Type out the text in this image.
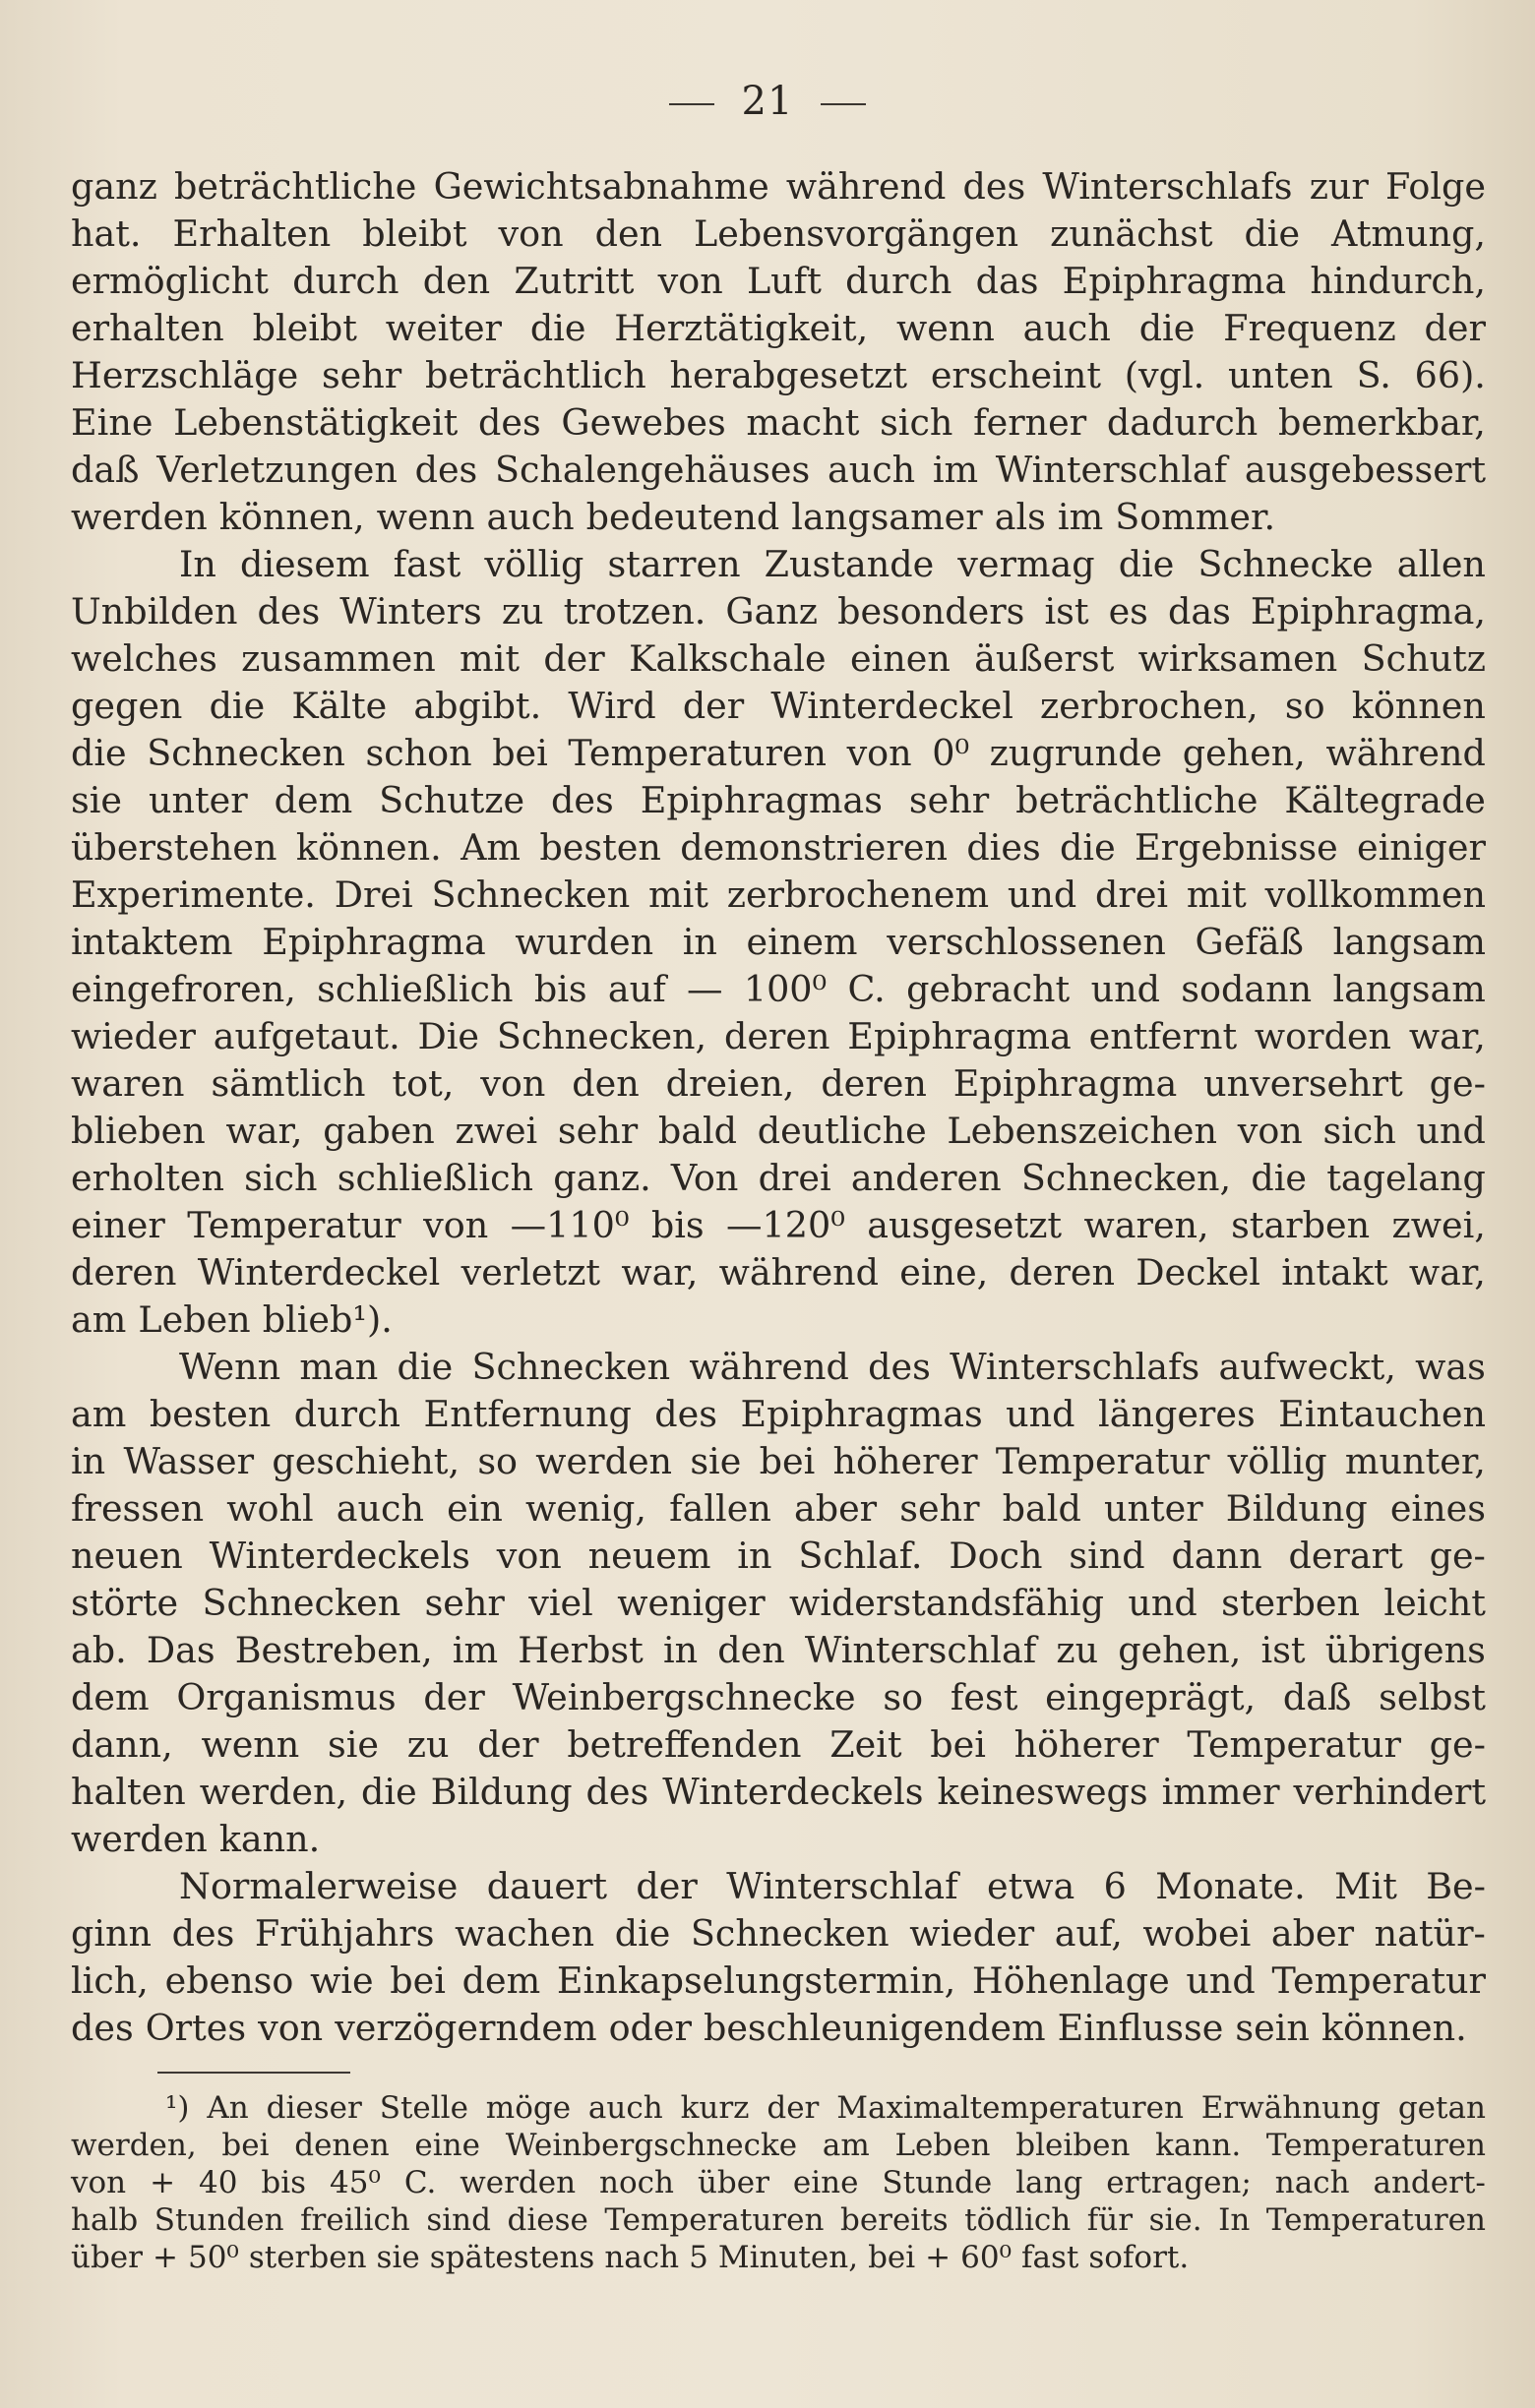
21
ganz beträchtliche Gewichtsabnahme während des Winterschlafs zur Folge
hat. Erhalten bleibt von den Lebensvorgängen zunächst die Atmung,
ermöglicht durch den Zutritt von Luft durch das Epiphragma hindurch,
erhalten bleibt weiter die Herztätigkeit, wenn auch die Frequenz der
Herzschläge sehr beträchtlich herabgesetzt erscheint (vgl. unten S. 66).
Eine Lebenstätigkeit des Gewebes macht sich ferner dadurch bemerkbar,
daß Verletzungen des Schalengehäuses auch im Winterschlaf ausgebessert
werden können, wenn auch bedeutend langsamer als im Sommer.
In diesem fast völlig starren Zustande vermag die Schnecke allen
Unbilden des Winters zu trotzen. Ganz besonders ist es das Epiphragma,
welches zusammen mit der Kalkschale einen äußerst wirksamen Schutz
gegen die Kälte abgibt. Wird der Winterdeckel zerbrochen, so können
die Schnecken schon bei Temperaturen von 0⁰ zugrunde gehen, während
sie unter dem Schutze des Epiphragmas sehr beträchtliche Kältegrade
überstehen können. Am besten demonstrieren dies die Ergebnisse einiger
Experimente. Drei Schnecken mit zerbrochenem und drei mit vollkommen
intaktem Epiphragma wurden in einem verschlossenen Gefäß langsam
eingefroren, schließlich bis auf — 100⁰ C. gebracht und sodann langsam
wieder aufgetaut. Die Schnecken, deren Epiphragma entfernt worden war,
waren sämtlich tot, von den dreien, deren Epiphragma unversehrt ge-
blieben war, gaben zwei sehr bald deutliche Lebenszeichen von sich und
erholten sich schließlich ganz. Von drei anderen Schnecken, die tagelang
einer Temperatur von —110⁰ bis —120⁰ ausgesetzt waren, starben zwei,
deren Winterdeckel verletzt war, während eine, deren Deckel intakt war,
am Leben blieb¹).
Wenn man die Schnecken während des Winterschlafs aufweckt, was
am besten durch Entfernung des Epiphragmas und längeres Eintauchen
in Wasser geschieht, so werden sie bei höherer Temperatur völlig munter,
fressen wohl auch ein wenig, fallen aber sehr bald unter Bildung eines
neuen Winterdeckels von neuem in Schlaf. Doch sind dann derart ge-
störte Schnecken sehr viel weniger widerstandsfähig und sterben leicht
ab. Das Bestreben, im Herbst in den Winterschlaf zu gehen, ist übrigens
dem Organismus der Weinbergschnecke so fest eingeprägt, daß selbst
dann, wenn sie zu der betreffenden Zeit bei höherer Temperatur ge-
halten werden, die Bildung des Winterdeckels keineswegs immer verhindert
werden kann.
Normalerweise dauert der Winterschlaf etwa 6 Monate. Mit Be-
ginn des Frühjahrs wachen die Schnecken wieder auf, wobei aber natür-
lich, ebenso wie bei dem Einkapselungstermin, Höhenlage und Temperatur
des Ortes von verzögerndem oder beschleunigendem Einflusse sein können.
¹) An dieser Stelle möge auch kurz der Maximaltemperaturen Erwähnung getan
werden, bei denen eine Weinbergschnecke am Leben bleiben kann. Temperaturen
von + 40 bis 45⁰ C. werden noch über eine Stunde lang ertragen; nach andert-
halb Stunden freilich sind diese Temperaturen bereits tödlich für sie. In Temperaturen
über + 50⁰ sterben sie spätestens nach 5 Minuten, bei + 60⁰ fast sofort.
